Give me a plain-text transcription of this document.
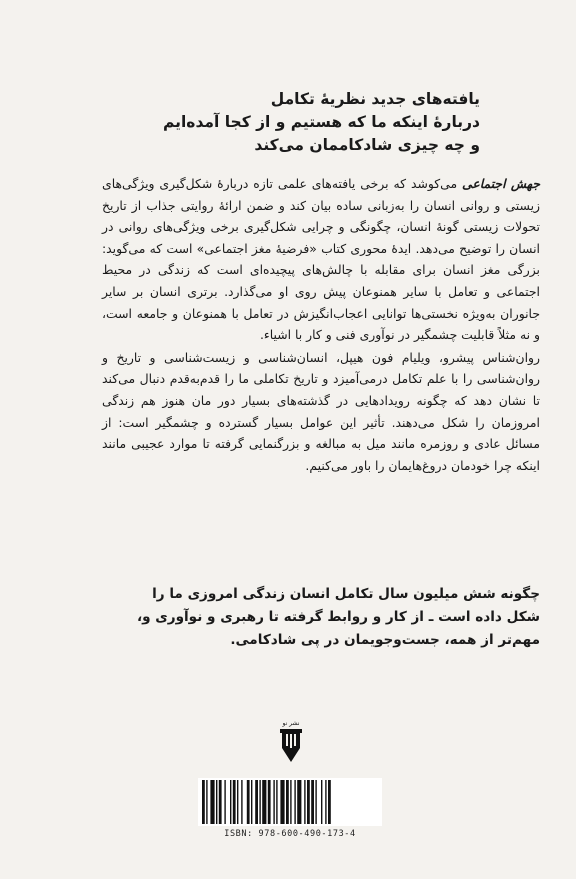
یافته‌های جدید نظریهٔ تکامل
دربارهٔ اینکه ما که هستیم و از کجا آمده‌ایم
و چه چیزی شادکاممان می‌کند

جهش اجتماعی می‌کوشد که برخی یافته‌های علمی تازه دربارهٔ شکل‌گیری ویژگی‌های زیستی و روانی انسان را به‌زبانی ساده بیان کند و ضمن ارائهٔ روایتی جذاب از تاریخ تحولات زیستی گونهٔ انسان، چگونگی و چرایی شکل‌گیری برخی ویژگی‌های روانی در انسان را توضیح می‌دهد. ایدهٔ محوری کتاب «فرضیهٔ مغز اجتماعی» است که می‌گوید: بزرگی مغز انسان برای مقابله با چالش‌های پیچیده‌ای است که زندگی در محیط اجتماعی و تعامل با سایر همنوعان پیش روی او می‌گذارد. برتری انسان بر سایر جانوران به‌ویژه نخستی‌ها توانایی اعجاب‌انگیزش در تعامل با همنوعان و جامعه است، و نه مثلاً قابلیت چشمگیر در نوآوری فنی و کار با اشیاء.

روان‌شناس پیشرو، ویلیام فون هیپل، انسان‌شناسی و زیست‌شناسی و تاریخ و روان‌شناسی را با علم تکامل درمی‌آمیزد و تاریخ تکاملی ما را قدم‌به‌قدم دنبال می‌کند تا نشان دهد که چگونه رویدادهایی در گذشته‌های بسیار دور مان هنوز هم زندگی امروزمان را شکل می‌دهند. تأثیر این عوامل بسیار گسترده و چشمگیر است: از مسائل عادی و روزمره مانند میل به مبالغه و بزرگنمایی گرفته تا موارد عجیبی مانند اینکه چرا خودمان دروغ‌هایمان را باور می‌کنیم.

چگونه شش میلیون سال تکامل انسان زندگی امروزی ما را
شکل داده است ـ از کار و روابط گرفته تا رهبری و نوآوری و،
مهم‌تر از همه، جست‌وجویمان در پی شادکامی.
نشر نو
ISBN: 978-600-490-173-4
